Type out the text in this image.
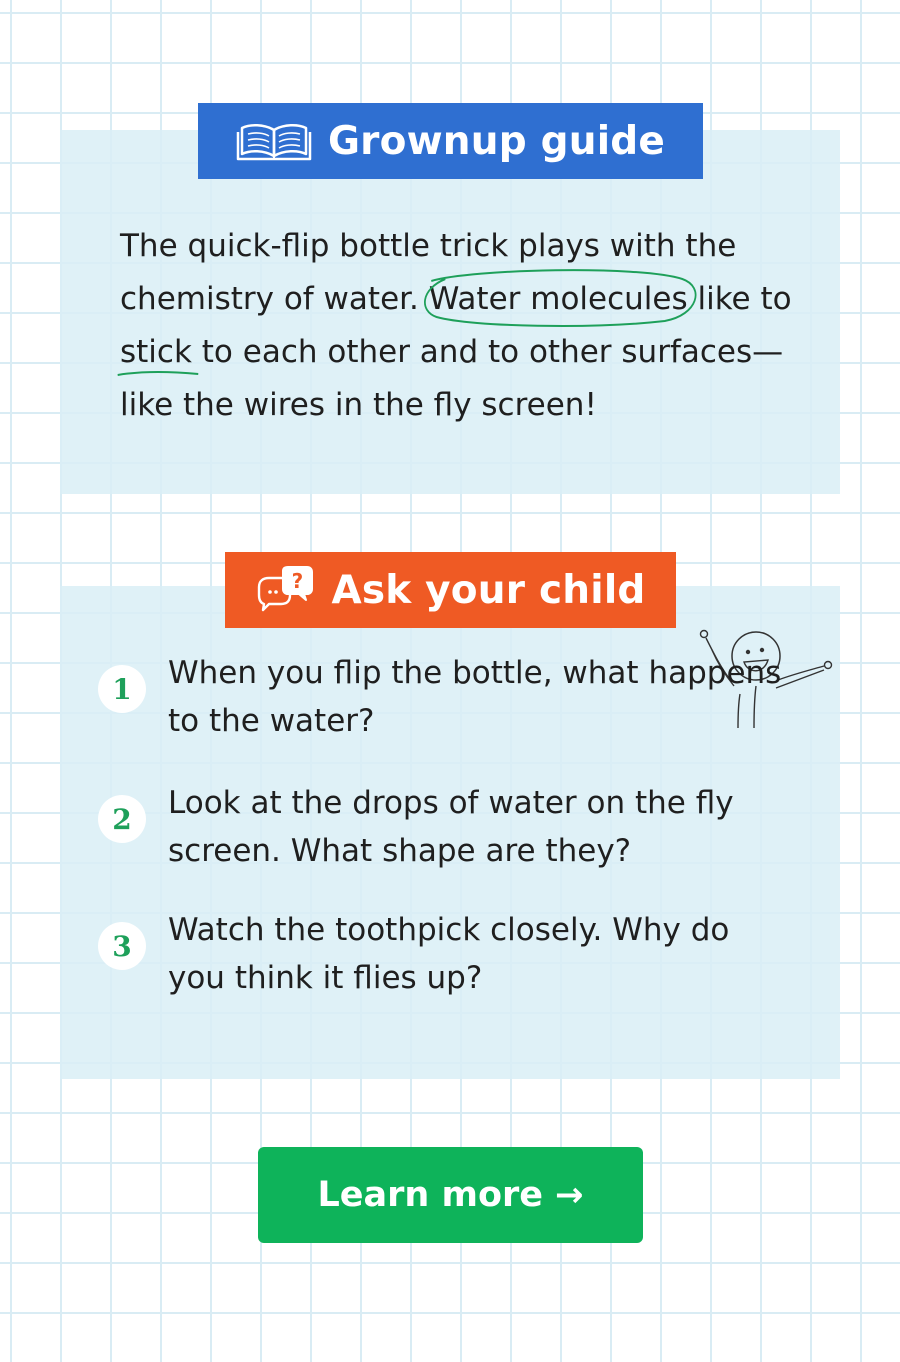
Grownup guide
The quick-flip bottle trick plays with the chemistry of water. Water molecules
like to stick
to each other and to other surfaces—like the wires in the fly screen!
? Ask your child
1	When you flip the bottle, what happens to the water?
2	Look at the drops of water on the fly screen. What shape are they?
3	Watch the toothpick closely. Why do you think it flies up?
Learn more →
